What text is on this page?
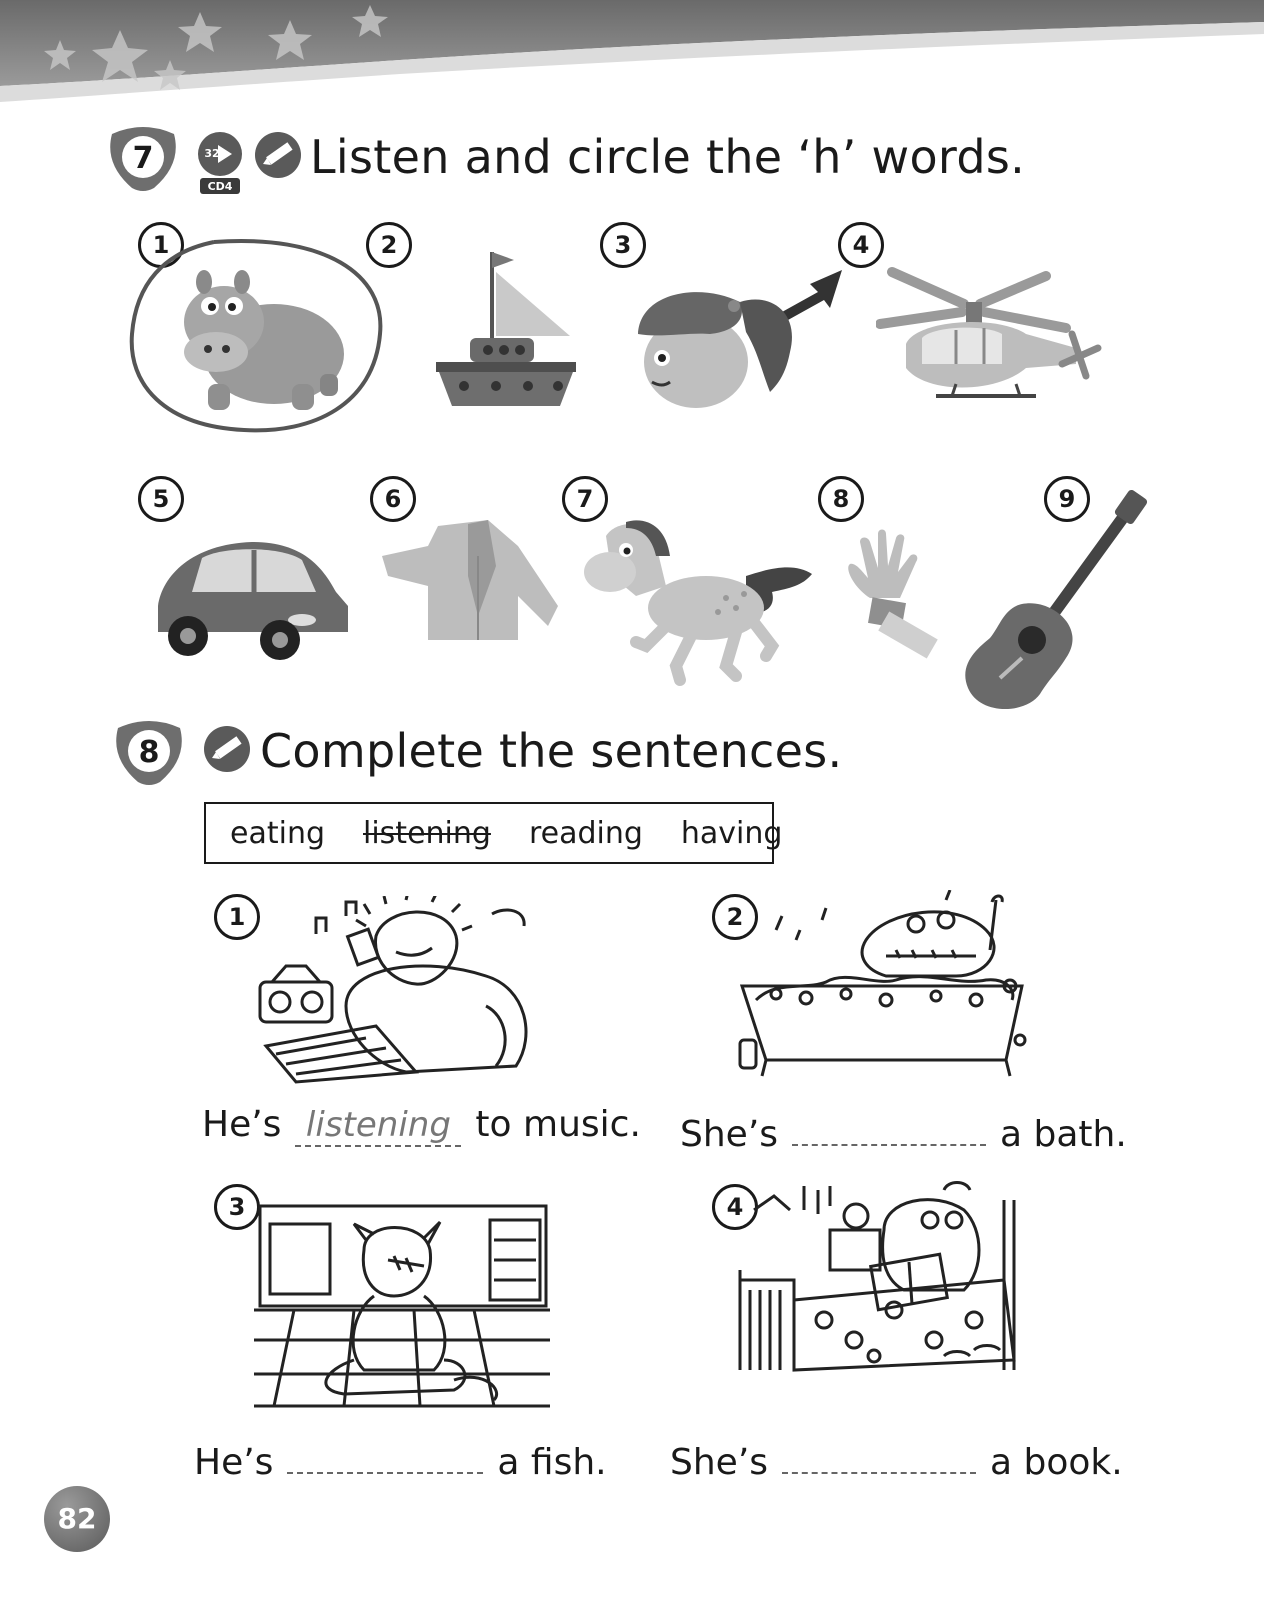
7	32
CD4
Listen and circle the ‘h’ words.
1	2	3	4
5	6	7	8	9
8 Complete the sentences.
eating listening reading having
1	2
He’s listening to music. She’s	a bath.
3	4
He’s	a fish. She’s	a book.
82
